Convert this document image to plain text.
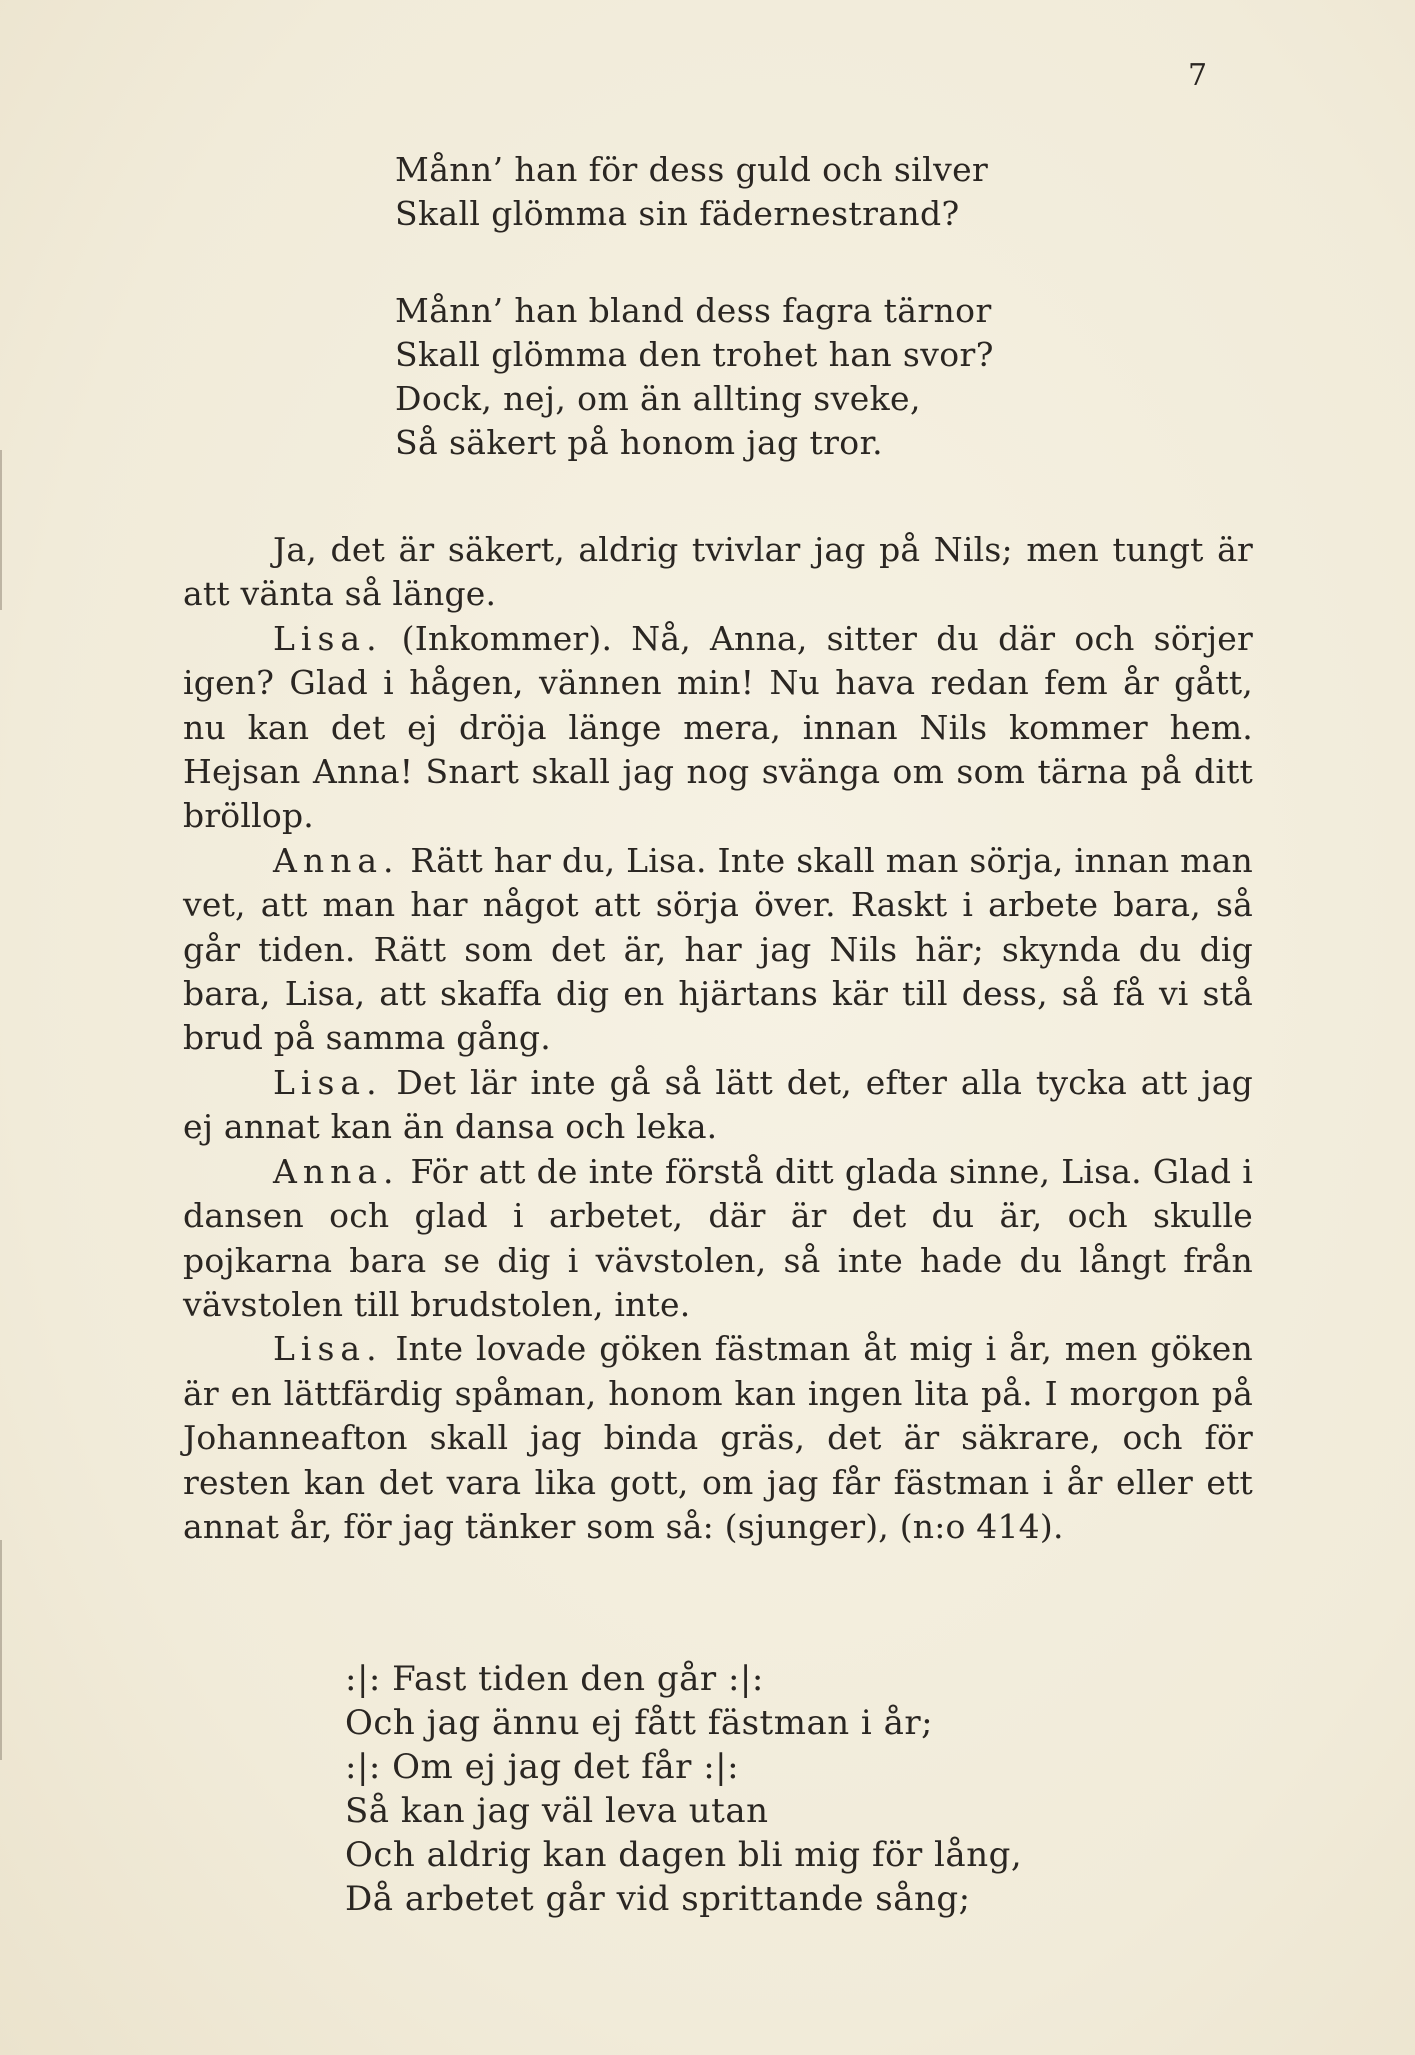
7
Månn’ han för dess guld och silver
Skall glömma sin fädernestrand?
Månn’ han bland dess fagra tärnor
Skall glömma den trohet han svor?
Dock, nej, om än allting sveke,
Så säkert på honom jag tror.

Ja, det är säkert, aldrig tvivlar jag på Nils; men tungt är att vänta så länge.

Lisa. (Inkommer). Nå, Anna, sitter du där och sörjer igen? Glad i hågen, vännen min! Nu hava redan fem år gått, nu kan det ej dröja länge mera, innan Nils kommer hem. Hejsan Anna! Snart skall jag nog svänga om som tärna på ditt bröllop.

Anna. Rätt har du, Lisa. Inte skall man sörja, innan man vet, att man har något att sörja över. Raskt i arbete bara, så går tiden. Rätt som det är, har jag Nils här; skynda du dig bara, Lisa, att skaffa dig en hjärtans kär till dess, så få vi stå brud på samma gång.

Lisa. Det lär inte gå så lätt det, efter alla tycka att jag ej annat kan än dansa och leka.

Anna. För att de inte förstå ditt glada sinne, Lisa. Glad i dansen och glad i arbetet, där är det du är, och skulle pojkarna bara se dig i vävstolen, så inte hade du långt från vävstolen till brudstolen, inte.

Lisa. Inte lovade göken fästman åt mig i år, men göken är en lättfärdig spåman, honom kan ingen lita på. I morgon på Johanneafton skall jag binda gräs, det är säkrare, och för resten kan det vara lika gott, om jag får fästman i år eller ett annat år, för jag tänker som så: (sjunger), (n:o 414).

:|: Fast tiden den går :|:
Och jag ännu ej fått fästman i år;
:|: Om ej jag det får :|:
Så kan jag väl leva utan
Och aldrig kan dagen bli mig för lång,
Då arbetet går vid sprittande sång;
